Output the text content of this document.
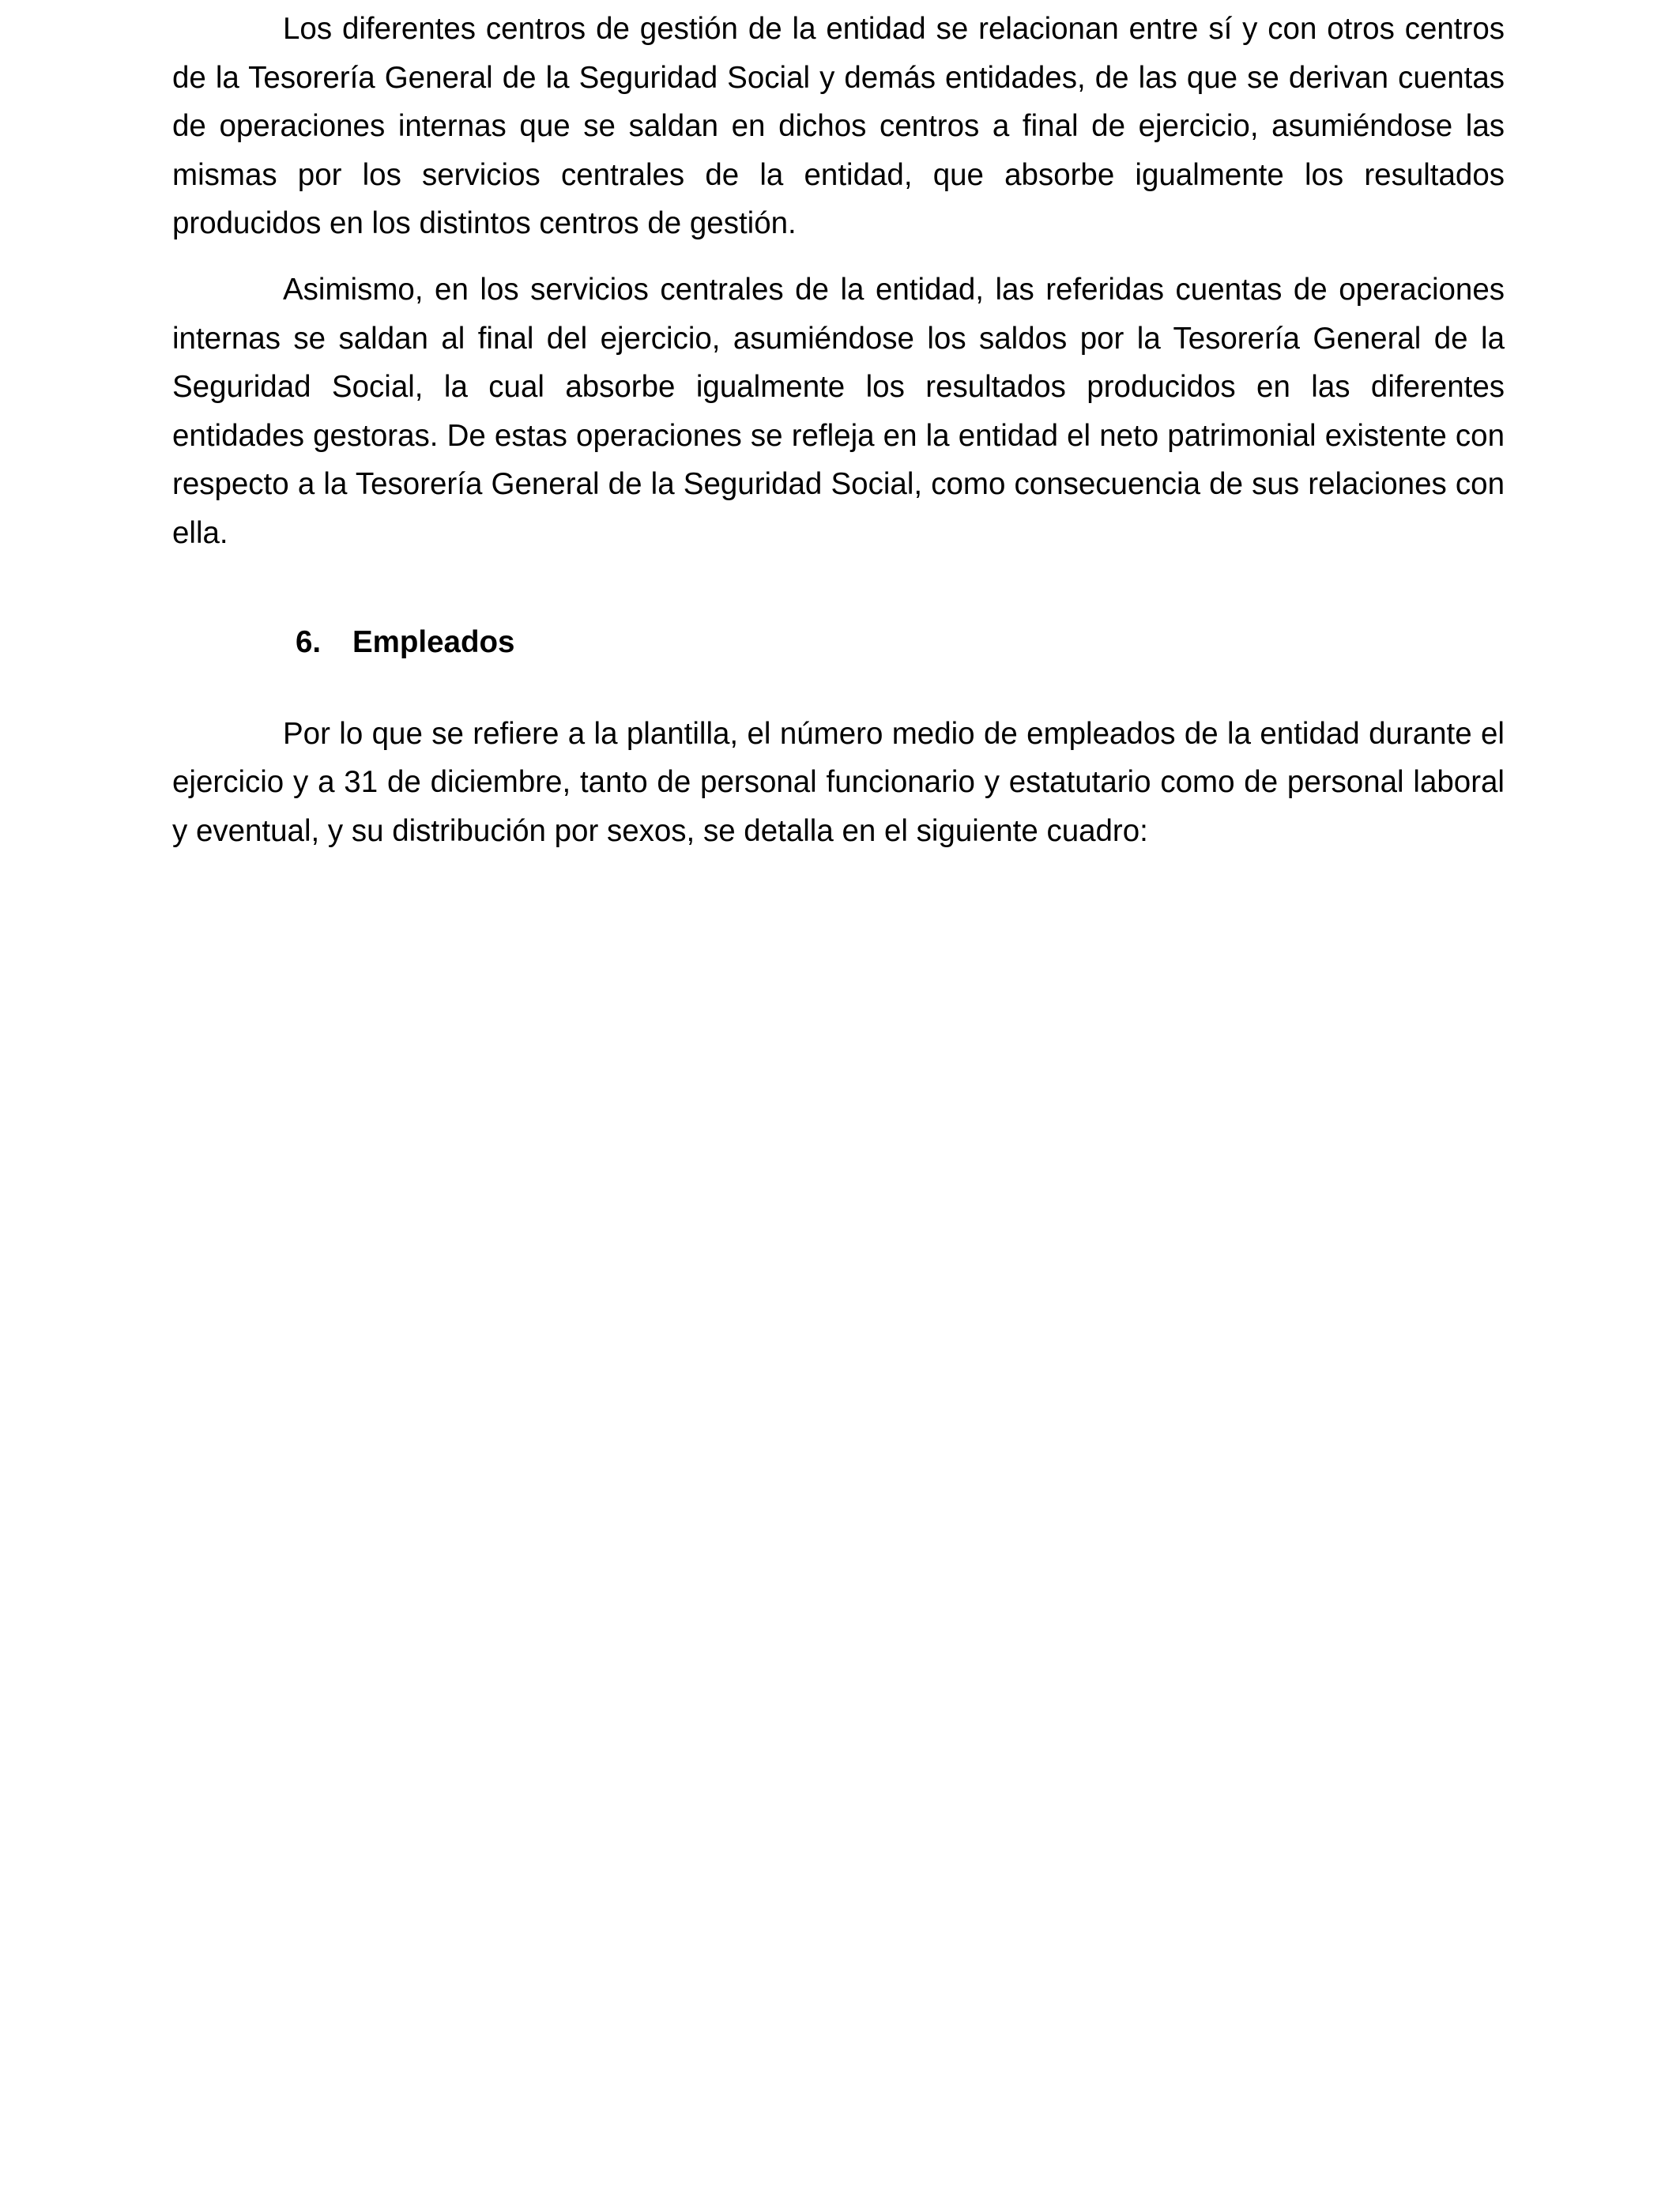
Los diferentes centros de gestión de la entidad se relacionan entre sí y con otros centros de la Tesorería General de la Seguridad Social y demás entidades, de las que se derivan cuentas de operaciones internas que se saldan en dichos centros a final de ejercicio, asumiéndose las mismas por los servicios centrales de la entidad, que absorbe igualmente los resultados producidos en los distintos centros de gestión.

Asimismo, en los servicios centrales de la entidad, las referidas cuentas de operaciones internas se saldan al final del ejercicio, asumiéndose los saldos por la Tesorería General de la Seguridad Social, la cual absorbe igualmente los resultados producidos en las diferentes entidades gestoras. De estas operaciones se refleja en la entidad el neto patrimonial existente con respecto a la Tesorería General de la Seguridad Social, como consecuencia de sus relaciones con ella.

6.	Empleados

Por lo que se refiere a la plantilla, el número medio de empleados de la entidad durante el ejercicio y a 31 de diciembre, tanto de personal funcionario y estatutario como de personal laboral y eventual, y su distribución por sexos, se detalla en el siguiente cuadro:
